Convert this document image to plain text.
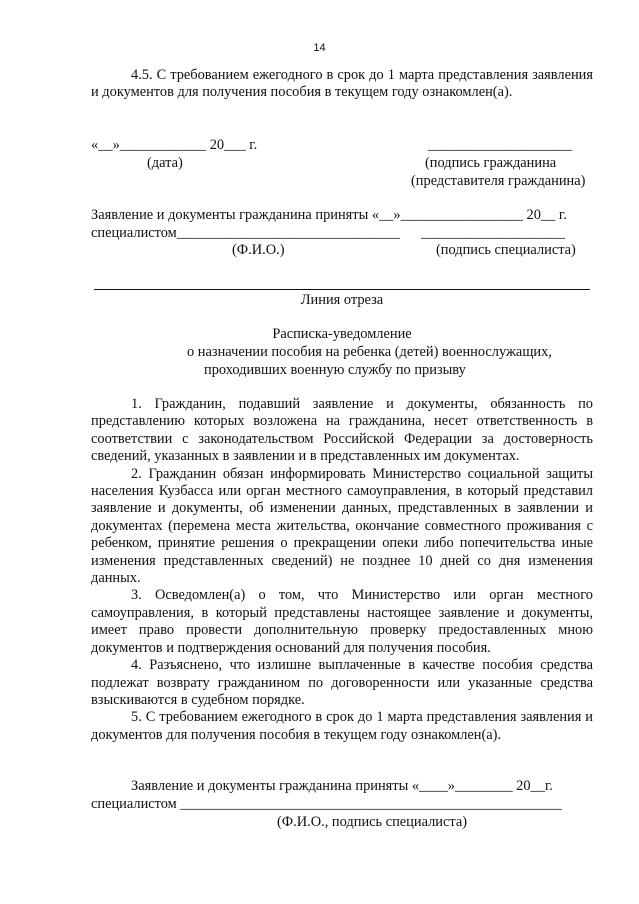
14

4.5. С требованием ежегодного в срок до 1 марта представления заявления и документов для получения пособия в текущем году ознакомлен(а).

«__»____________ 20___ г.
(дата)
____________________
(подпись гражданина
(представителя гражданина)
Заявление и документы гражданина приняты «__»_________________ 20__ г.
специалистом_______________________________ ____________________
(Ф.И.О.)	(подпись специалиста)
Линия отреза
Расписка-уведомление
о назначении пособия на ребенка (детей) военнослужащих,
проходивших военную службу по призыву

1. Гражданин, подавший заявление и документы, обязанность по представлению которых возложена на гражданина, несет ответственность в соответствии с законодательством Российской Федерации за достоверность сведений, указанных в заявлении и в представленных им документах.

2. Гражданин обязан информировать Министерство социальной защиты населения Кузбасса или орган местного самоуправления, в который представил заявление и документы, об изменении данных, представленных в заявлении и документах (перемена места жительства, окончание совместного проживания с ребенком, принятие решения о прекращении опеки либо попечительства иные изменения представленных сведений) не позднее 10 дней со дня изменения данных.

3. Осведомлен(а) о том, что Министерство или орган местного самоуправления, в который представлены настоящее заявление и документы, имеет право провести дополнительную проверку предоставленных мною документов и подтверждения оснований для получения пособия.

4. Разъяснено, что излишне выплаченные в качестве пособия средства подлежат возврату гражданином по договоренности или указанные средства взыскиваются в судебном порядке.

5. С требованием ежегодного в срок до 1 марта представления заявления и документов для получения пособия в текущем году ознакомлен(а).

Заявление и документы гражданина приняты «____»________ 20__г.
специалистом _____________________________________________________
(Ф.И.О., подпись специалиста)
